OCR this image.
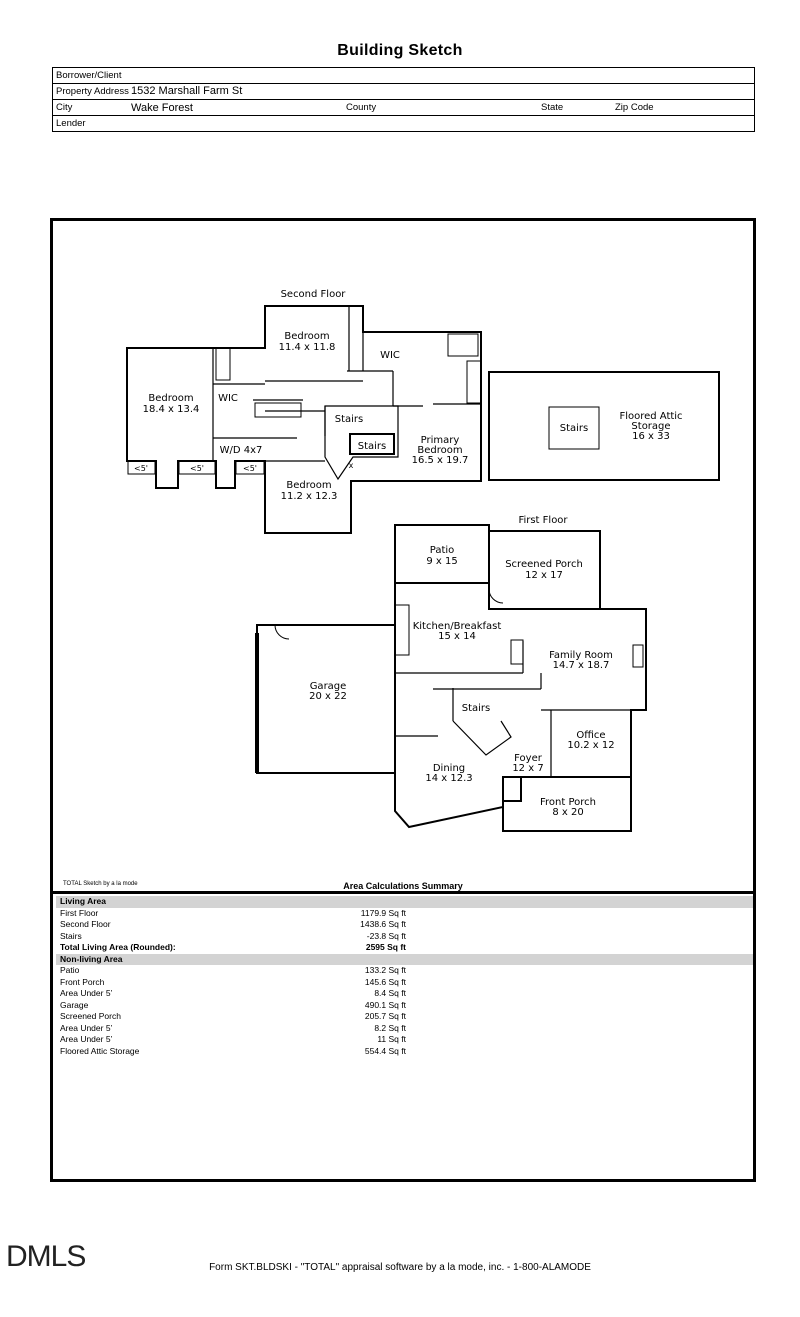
Building Sketch
Borrower/Client
Property Address 1532 Marshall Farm St
City	Wake Forest	County	State	Zip Code
Lender
Second Floor
First Floor
Bedroom
11.4 x 11.8
WIC
Bedroom
18.4 x 13.4
WIC
Stairs
Stairs
Primary
Bedroom
16.5 x 19.7
W/D 4x7
Bedroom
11.2 x 12.3
Stairs
Floored Attic
Storage
16 x 33
<5'	<5'	<5'	x
Patio
9 x 15	Screened Porch
12 x 17
Kitchen/Breakfast
15 x 14
Family Room
14.7 x 18.7
Garage
20 x 22
Stairs
Office
10.2 x 12
Foyer
12 x 7
Dining
14 x 12.3
Front Porch
8 x 20
TOTAL Sketch by a la mode	Area Calculations Summary
Living Area
First Floor	1179.9 Sq ft
Second Floor	1438.6 Sq ft
Stairs	-23.8 Sq ft
Total Living Area (Rounded):	2595 Sq ft
Non-living Area
Patio	133.2 Sq ft
Front Porch	145.6 Sq ft
Area Under 5’	8.4 Sq ft
Garage	490.1 Sq ft
Screened Porch	205.7 Sq ft
Area Under 5’	8.2 Sq ft
Area Under 5’	11 Sq ft
Floored Attic Storage	554.4 Sq ft
DMLS	Form SKT.BLDSKI - "TOTAL" appraisal software by a la mode, inc. - 1-800-ALAMODE
